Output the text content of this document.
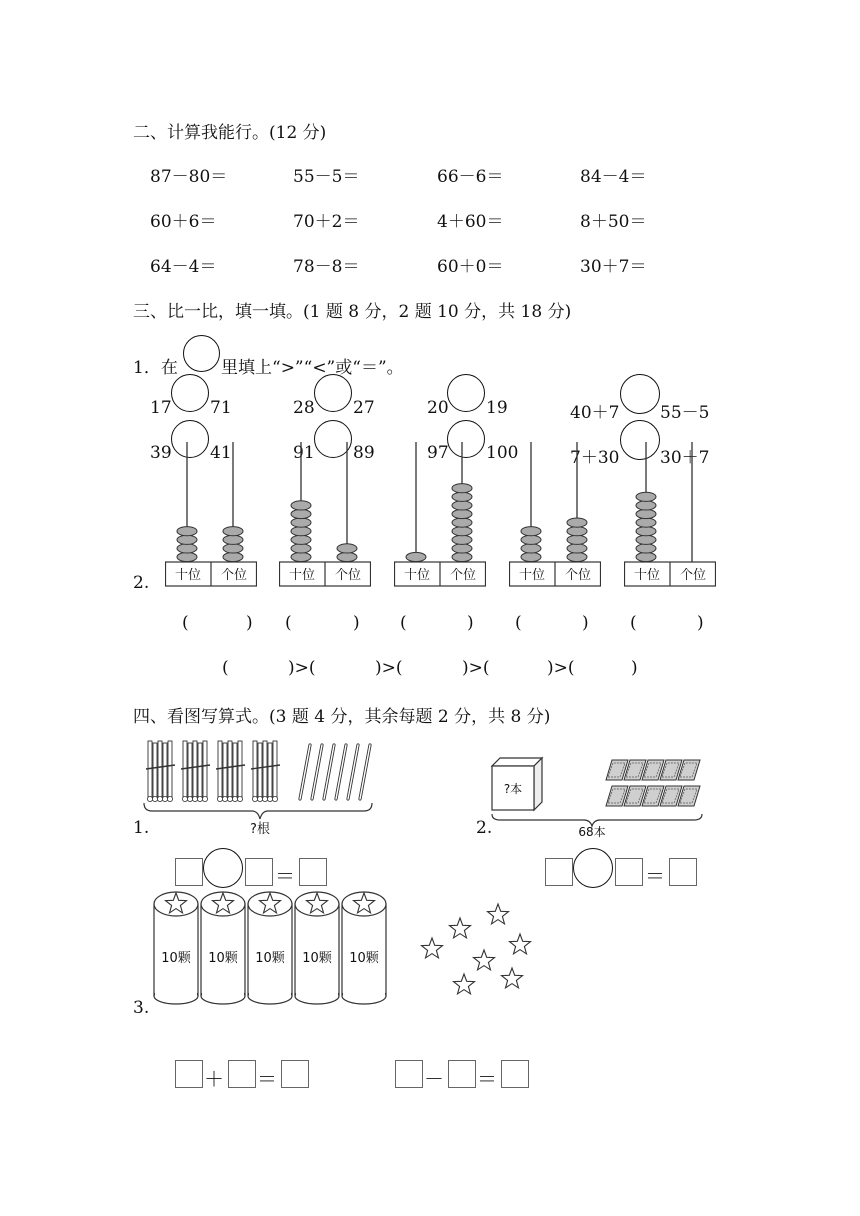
二、计算我能行。(12 分)
87－80＝	55－5＝	66－6＝	84－4＝
60＋6＝	70＋2＝	4＋60＝	8＋50＝
64－4＝	78－8＝	60＋0＝	30＋7＝
三、比一比，填一填。(1 题 8 分，2 题 10 分，共 18 分)
1．在	里填上“>”“<”或“＝”。
17 71	28 27	20 19	40＋7 55－5
39 41	91 89	97 100	7＋30 30＋7
2. 十位 个位	十位 个位	十位 个位	十位 个位	十位 个位
(	) (	) (	) (	) (	)
(	)>(	)>(	)>(	)>(	)
四、看图写算式。(3 题 4 分，其余每题 2 分，共 8 分)
1.	?根
＝
2.
?本
68本
＝
3.
10颗 10颗 10颗 10颗 10颗
＋ ＝	－ ＝
